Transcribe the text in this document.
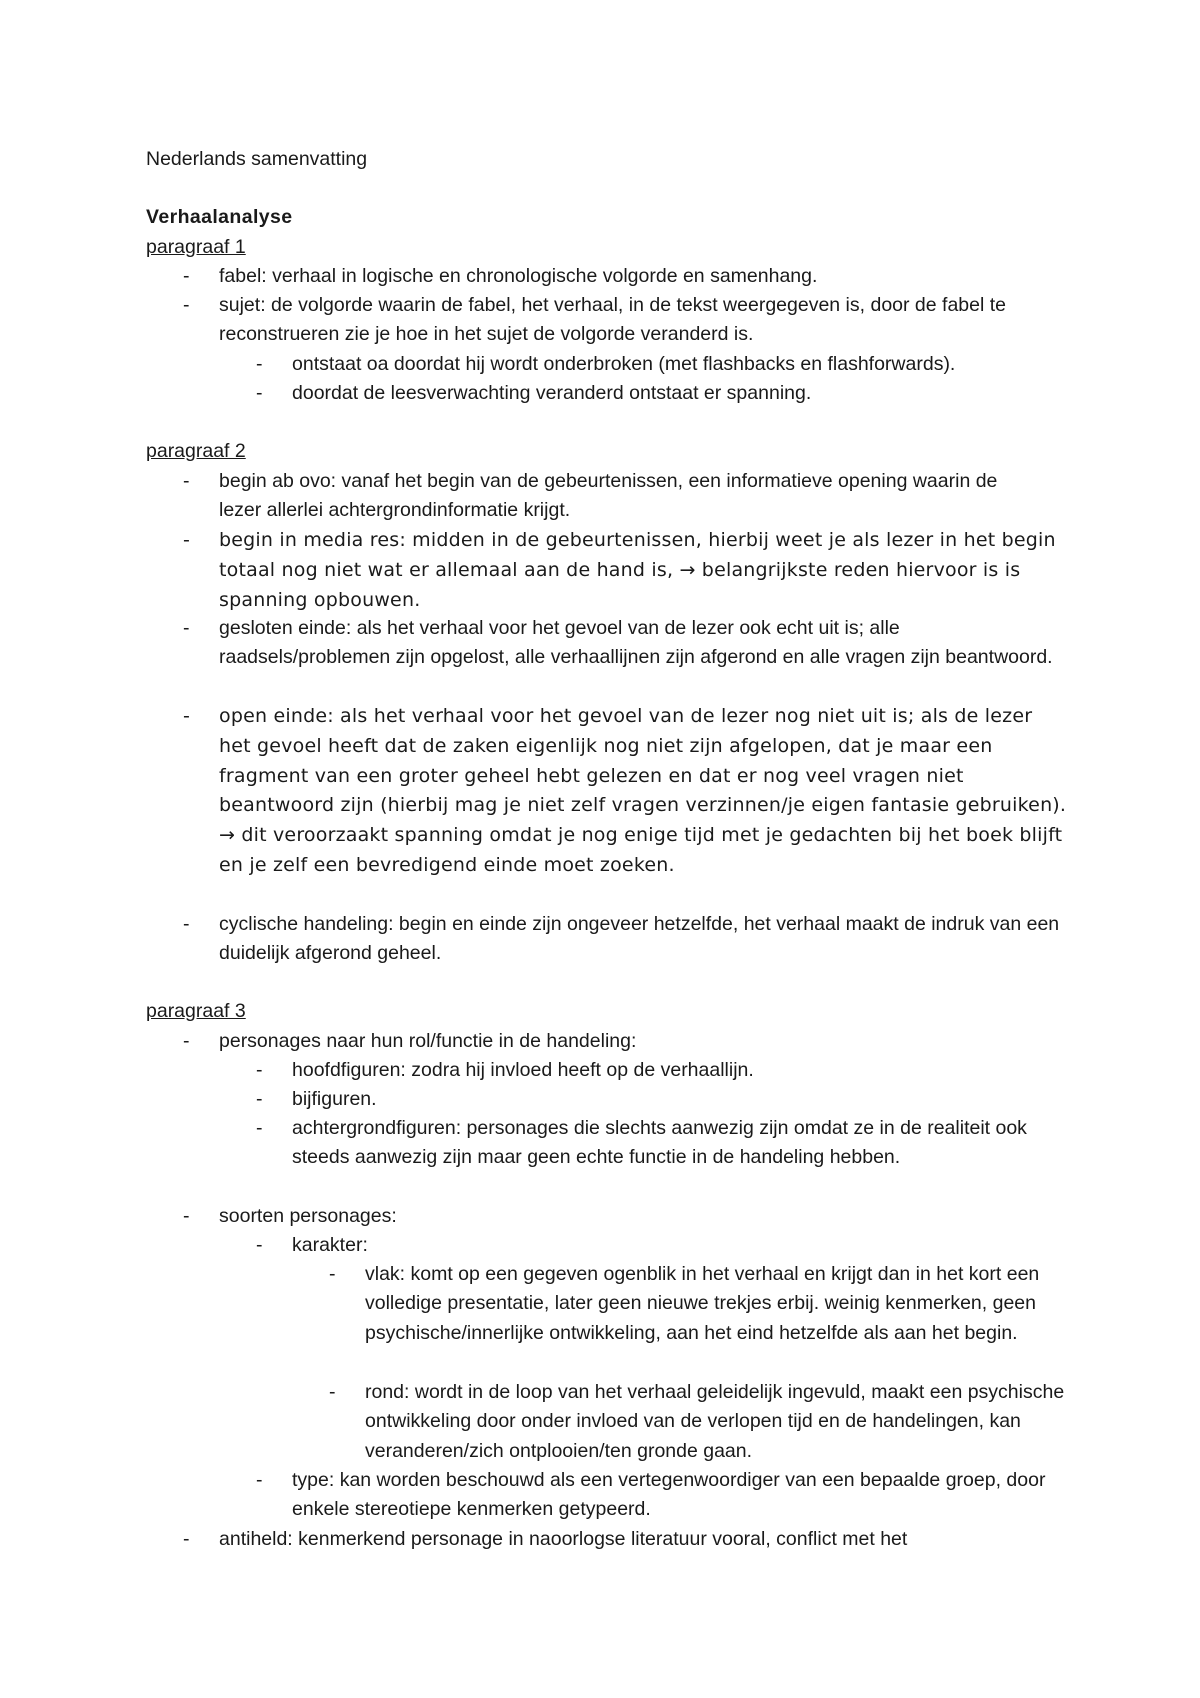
Nederlands samenvatting
Verhaalanalyse
paragraaf 1
- fabel: verhaal in logische en chronologische volgorde en samenhang.
- sujet: de volgorde waarin de fabel, het verhaal, in de tekst weergegeven is, door de fabel te reconstrueren zie je hoe in het sujet de volgorde veranderd is.
- ontstaat oa doordat hij wordt onderbroken (met flashbacks en flashforwards).
- doordat de leesverwachting veranderd ontstaat er spanning.
paragraaf 2
- begin ab ovo: vanaf het begin van de gebeurtenissen, een informatieve opening waarin de lezer allerlei achtergrondinformatie krijgt.
- begin in media res: midden in de gebeurtenissen, hierbij weet je als lezer in het begin totaal nog niet wat er allemaal aan de hand is, → belangrijkste reden hiervoor is is spanning opbouwen.
- gesloten einde: als het verhaal voor het gevoel van de lezer ook echt uit is; alle raadsels/problemen zijn opgelost, alle verhaallijnen zijn afgerond en alle vragen zijn beantwoord.
- open einde: als het verhaal voor het gevoel van de lezer nog niet uit is; als de lezer het gevoel heeft dat de zaken eigenlijk nog niet zijn afgelopen, dat je maar een fragment van een groter geheel hebt gelezen en dat er nog veel vragen niet beantwoord zijn (hierbij mag je niet zelf vragen verzinnen/je eigen fantasie gebruiken). → dit veroorzaakt spanning omdat je nog enige tijd met je gedachten bij het boek blijft en je zelf een bevredigend einde moet zoeken.
- cyclische handeling: begin en einde zijn ongeveer hetzelfde, het verhaal maakt de indruk van een duidelijk afgerond geheel.
paragraaf 3
- personages naar hun rol/functie in de handeling:
- hoofdfiguren: zodra hij invloed heeft op de verhaallijn.
- bijfiguren.
- achtergrondfiguren: personages die slechts aanwezig zijn omdat ze in de realiteit ook steeds aanwezig zijn maar geen echte functie in de handeling hebben.
- soorten personages:
- karakter:
- vlak: komt op een gegeven ogenblik in het verhaal en krijgt dan in het kort een volledige presentatie, later geen nieuwe trekjes erbij. weinig kenmerken, geen psychische/innerlijke ontwikkeling, aan het eind hetzelfde als aan het begin.
- rond: wordt in de loop van het verhaal geleidelijk ingevuld, maakt een psychische ontwikkeling door onder invloed van de verlopen tijd en de handelingen, kan veranderen/zich ontplooien/ten gronde gaan.
- type: kan worden beschouwd als een vertegenwoordiger van een bepaalde groep, door enkele stereotiepe kenmerken getypeerd.
- antiheld: kenmerkend personage in naoorlogse literatuur vooral, conflict met het
